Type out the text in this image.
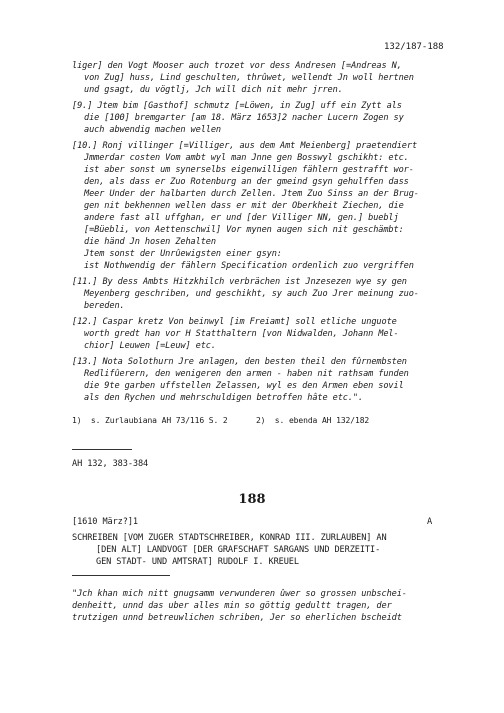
132/187-188
liger] den Vogt Mooser auch trozet vor dess Andresen [=Andreas N,
von Zug] huss, Lind geschulten, thrûwet, wellendt Jn woll hertnen
und gsagt, du vögtlj, Jch will dich nit mehr jrren.
[9.] Jtem bim [Gasthof] schmutz [=Löwen, in Zug] uff ein Zytt als
die [100] bremgarter [am 18. März 1653]2 nacher Lucern Zogen sy
auch abwendig machen wellen
[10.] Ronj villinger [=Villiger, aus dem Amt Meienberg] praetendiert
Jmmerdar costen Vom ambt wyl man Jnne gen Bosswyl gschikht: etc.
ist aber sonst um synerselbs eigenwilligen fählern gestrafft wor-
den, als dass er Zuo Rotenburg an der gmeind gsyn gehulffen dass
Meer Under der halbarten durch Zellen. Jtem Zuo Sinss an der Brug-
gen nit bekhennen wellen dass er mit der Oberkheit Ziechen, die
andere fast all uffghan, er und [der Villiger NN, gen.] bueblj
[=Büebli, von Aettenschwil] Vor mynen augen sich nit geschämbt:
die händ Jn hosen Zehalten
Jtem sonst der Unrûewigsten einer gsyn:
ist Nothwendig der fählern Specification ordenlich zuo vergriffen
[11.] By dess Ambts Hitzkhilch verbrächen ist Jnzesezen wye sy gen
Meyenberg geschriben, und geschikht, sy auch Zuo Jrer meinung zuo-
bereden.
[12.] Caspar kretz Von beinwyl [im Freiamt] soll etliche unguote
worth gredt han vor H Statthaltern [von Nidwalden, Johann Mel-
chior] Leuwen [=Leuw] etc.
[13.] Nota Solothurn Jre anlagen, den besten theil den fûrnembsten
Redlifûerern, den wenigeren den armen - haben nit rathsam funden
die 9te garben uffstellen Zelassen, wyl es den Armen eben sovil
als den Rychen und mehrschuldigen betroffen hâte etc.".
1)  s. Zurlaubiana AH 73/116 S. 2      2)  s. ebenda AH 132/182
AH 132, 383-384
188
[1610 März?]1	A
SCHREIBEN [VOM ZUGER STADTSCHREIBER, KONRAD III. ZURLAUBEN] AN
[DEN ALT] LANDVOGT [DER GRAFSCHAFT SARGANS UND DERZEITI-
GEN STADT- UND AMTSRAT] RUDOLF I. KREUEL
"Jch khan mich nitt gnugsamm verwunderen ûwer so grossen unbschei-
denheitt, unnd das uber alles min so göttig gedultt tragen, der
trutzigen unnd betreuwlichen schriben, Jer so eherlichen bscheidt
